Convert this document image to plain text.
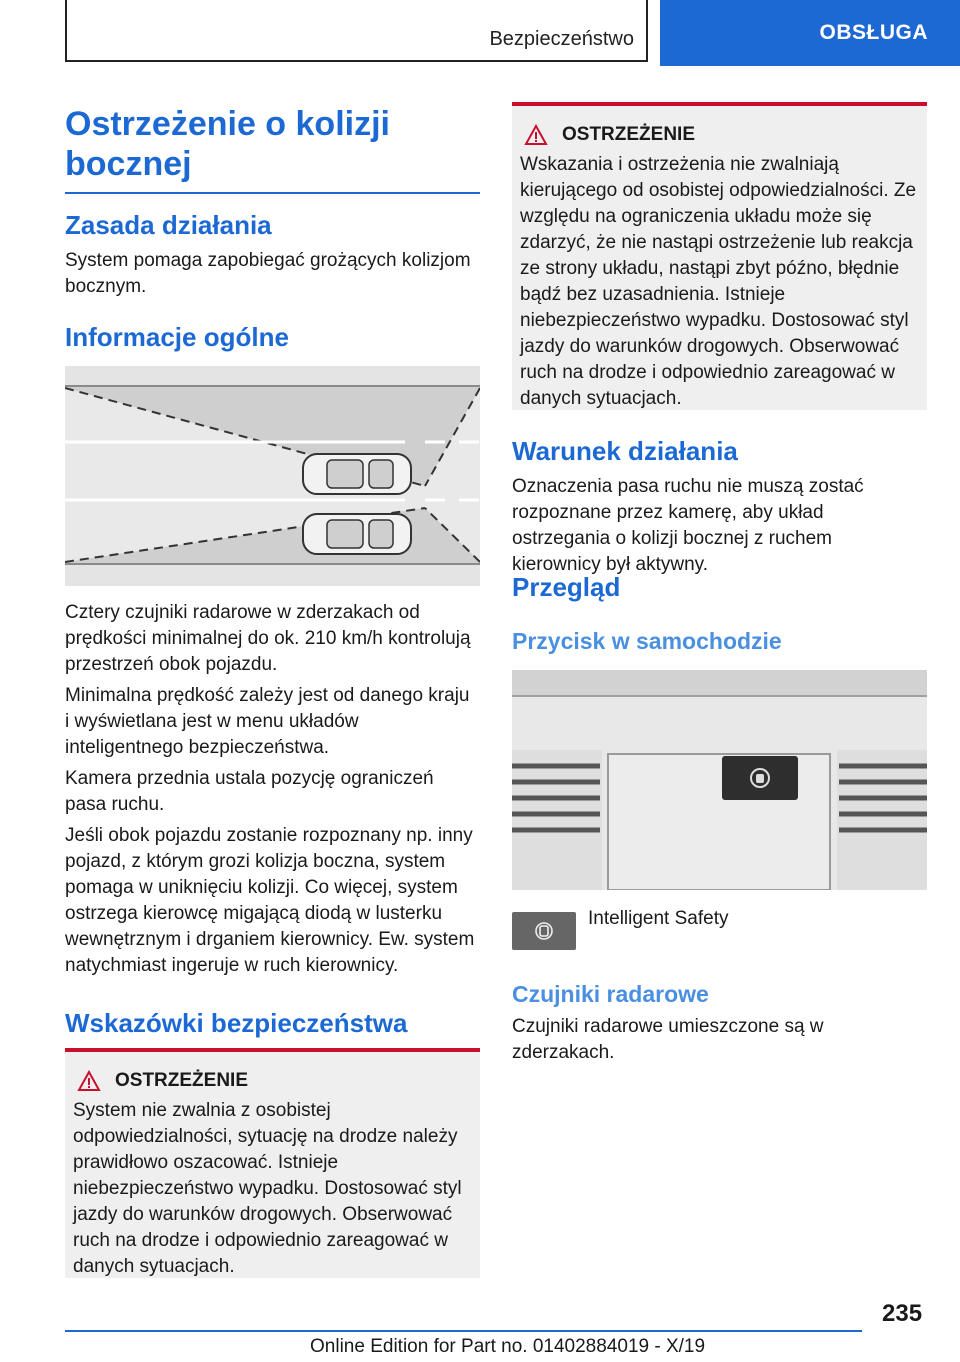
Bezpieczeństwo	OBSŁUGA
Ostrzeżenie o kolizji
bocznej
Zasada działania

System pomaga zapobiegać grożących kolizjom bocznym.

Informacje ogólne

Cztery czujniki radarowe w zderzakach od prędkości minimalnej do ok. 210 km/h kontrolują przestrzeń obok pojazdu.

Minimalna prędkość zależy jest od danego kraju i wyświetlana jest w menu układów inteligentnego bezpieczeństwa.

Kamera przednia ustala pozycję ograniczeń pasa ruchu.

Jeśli obok pojazdu zostanie rozpoznany np. inny pojazd, z którym grozi kolizja boczna, system pomaga w uniknięciu kolizji. Co więcej, system ostrzega kierowcę migającą diodą w lusterku wewnętrznym i drganiem kierownicy. Ew. system natychmiast ingeruje w ruch kierownicy.

Wskazówki bezpieczeństwa
OSTRZEŻENIE

System nie zwalnia z osobistej odpowiedzialności, sytuację na drodze należy prawidłowo oszacować. Istnieje niebezpieczeństwo wypadku. Dostosować styl jazdy do warunków drogowych. Obserwować ruch na drodze i odpowiednio zareagować w danych sytuacjach.

OSTRZEŻENIE

Wskazania i ostrzeżenia nie zwalniają kierującego od osobistej odpowiedzialności. Ze względu na ograniczenia układu może się zdarzyć, że nie nastąpi ostrzeżenie lub reakcja ze strony układu, nastąpi zbyt późno, błędnie bądź bez uzasadnienia. Istnieje niebezpieczeństwo wypadku. Dostosować styl jazdy do warunków drogowych. Obserwować ruch na drodze i odpowiednio zareagować w danych sytuacjach.

Warunek działania

Oznaczenia pasa ruchu nie muszą zostać rozpoznane przez kamerę, aby układ ostrzegania o kolizji bocznej z ruchem kierownicy był aktywny.

Przegląd
Przycisk w samochodzie

Intelligent Safety

Czujniki radarowe

Czujniki radarowe umieszczone są w zderzakach.

235
Online Edition for Part no. 01402884019 - X/19
